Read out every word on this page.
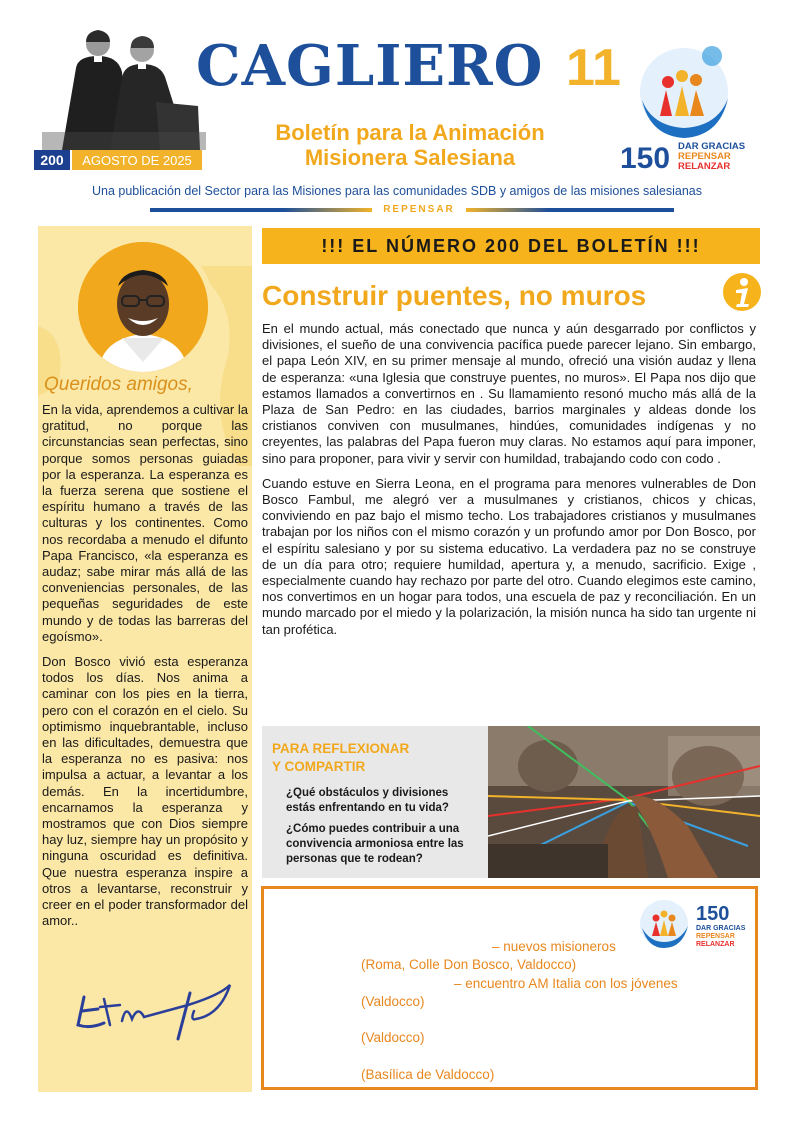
200	AGOSTO DE 2025
CAGLIERO 11
Boletín para la Animación
Misionera Salesiana	150 DAR GRACIAS
REPENSAR
RELANZAR
Una publicación del Sector para las Misiones para las comunidades SDB y amigos de las misiones salesianas
REPENSAR
Queridos amigos,

En la vida, aprendemos a cultivar la gratitud, no porque las circunstancias sean perfectas, sino porque somos personas guiadas por la esperanza. La esperanza es la fuerza serena que sostiene el espíritu humano a través de las culturas y los continentes. Como nos recordaba a menudo el difunto Papa Francisco, «la esperanza es audaz; sabe mirar más allá de las conveniencias personales, de las pequeñas seguridades de este mundo y de todas las barreras del egoísmo».

Don Bosco vivió esta esperanza todos los días. Nos anima a caminar con los pies en la tierra, pero con el corazón en el cielo. Su optimismo inquebrantable, incluso en las dificultades, demuestra que la esperanza no es pasiva: nos impulsa a actuar, a levantar a los demás. En la incertidumbre, encarnamos la esperanza y mostramos que con Dios siempre hay luz, siempre hay un propósito y ninguna oscuridad es definitiva. Que nuestra esperanza inspire a otros a levantarse, reconstruir y creer en el poder transformador del amor..

!!! EL NÚMERO 200 DEL BOLETÍN !!!
Construir puentes, no muros

En el mundo actual, más conectado que nunca y aún desgarrado por conflictos y divisiones, el sueño de una convivencia pacífica puede parecer lejano. Sin embargo, el papa León XIV, en su primer mensaje al mundo, ofreció una visión audaz y llena de esperanza: «una Iglesia que construye puentes, no muros». El Papa nos dijo que estamos llamados a convertirnos en . Su llamamiento resonó mucho más allá de la Plaza de San Pedro: en las ciudades, barrios marginales y aldeas donde los cristianos conviven con musulmanes, hindúes, comunidades indígenas y no creyentes, las palabras del Papa fueron muy claras. No estamos aquí para imponer, sino para proponer, para vivir y servir con humildad, trabajando codo con codo .

Cuando estuve en Sierra Leona, en el programa para menores vulnerables de Don Bosco Fambul, me alegró ver a musulmanes y cristianos, chicos y chicas, conviviendo en paz bajo el mismo techo. Los trabajadores cristianos y musulmanes trabajan por los niños con el mismo corazón y un profundo amor por Don Bosco, por el espíritu salesiano y por su sistema educativo. La verdadera paz no se construye de un día para otro; requiere humildad, apertura y, a menudo, sacrificio. Exige , especialmente cuando hay rechazo por parte del otro. Cuando elegimos este camino, nos convertimos en un hogar para todos, una escuela de paz y reconciliación. En un mundo marcado por el miedo y la polarización, la misión nunca ha sido tan urgente ni tan profética.

PARA REFLEXIONAR
Y COMPARTIR
¿Qué obstáculos y divisiones estás enfrentando en tu vida?
¿Cómo puedes contribuir a una convivencia armoniosa entre las personas que te rodean?
150
DAR GRACIAS
REPENSAR
RELANZAR
– nuevos misioneros
(Roma, Colle Don Bosco, Valdocco)
– encuentro AM Italia con los jóvenes
(Valdocco)
(Valdocco)
(Basílica de Valdocco)
